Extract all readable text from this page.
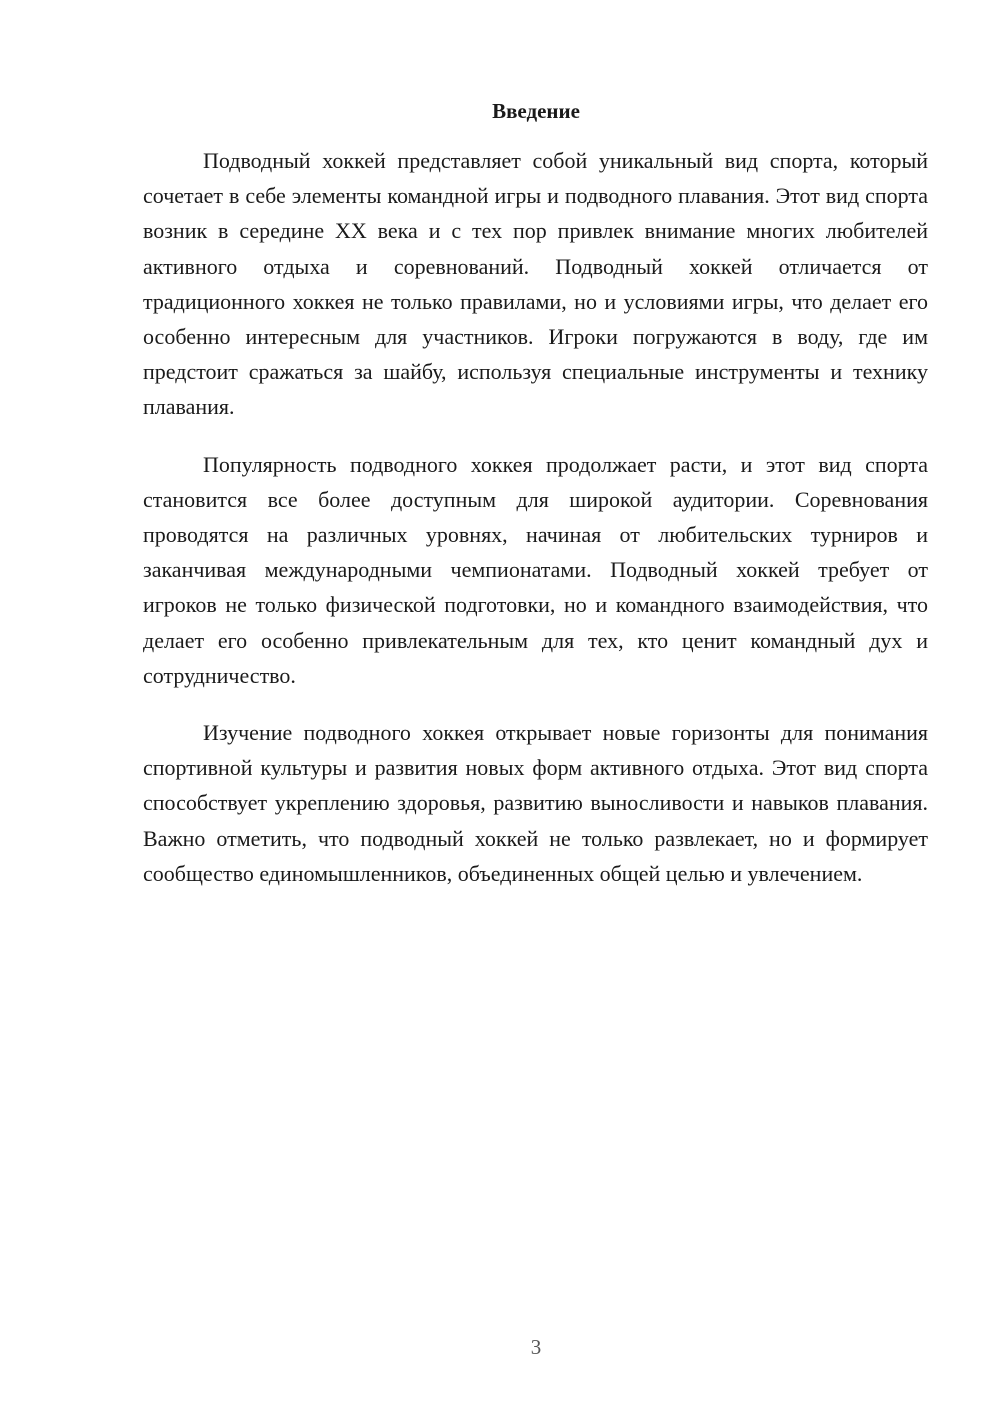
Введение

Подводный хоккей представляет собой уникальный вид спорта, который сочетает в себе элементы командной игры и подводного плавания. Этот вид спорта возник в середине XX века и с тех пор привлек внимание многих любителей активного отдыха и соревнований. Подводный хоккей отличается от традиционного хоккея не только правилами, но и условиями игры, что делает его особенно интересным для участников. Игроки погружаются в воду, где им предстоит сражаться за шайбу, используя специальные инструменты и технику плавания.

Популярность подводного хоккея продолжает расти, и этот вид спорта становится все более доступным для широкой аудитории. Соревнования проводятся на различных уровнях, начиная от любительских турниров и заканчивая международными чемпионатами. Подводный хоккей требует от игроков не только физической подготовки, но и командного взаимодействия, что делает его особенно привлекательным для тех, кто ценит командный дух и сотрудничество.

Изучение подводного хоккея открывает новые горизонты для понимания спортивной культуры и развития новых форм активного отдыха. Этот вид спорта способствует укреплению здоровья, развитию выносливости и навыков плавания. Важно отметить, что подводный хоккей не только развлекает, но и формирует сообщество единомышленников, объединенных общей целью и увлечением.

3
